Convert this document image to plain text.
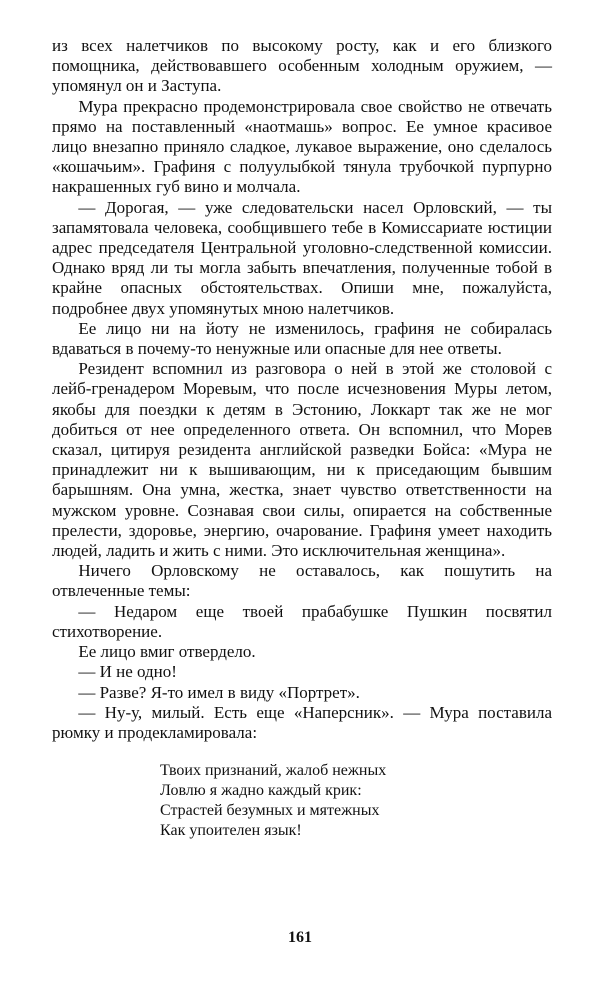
из всех налетчиков по высокому росту, как и его близкого помощника, действовавшего особенным холодным оружием, — упомянул он и Заступа.

Мура прекрасно продемонстрировала свое свойство не отвечать прямо на поставленный «наотмашь» вопрос. Ее умное красивое лицо внезапно приняло сладкое, лукавое выражение, оно сделалось «кошачьим». Графиня с полуулыбкой тянула трубочкой пурпурно накрашенных губ вино и молчала.

— Дорогая, — уже следовательски насел Орловский, — ты запамятовала человека, сообщившего тебе в Комиссариате юстиции адрес председателя Центральной уголовно-следственной комиссии. Однако вряд ли ты могла забыть впечатления, полученные тобой в крайне опасных обстоятельствах. Опиши мне, пожалуйста, подробнее двух упомянутых мною налетчиков.

Ее лицо ни на йоту не изменилось, графиня не собиралась вдаваться в почему-то ненужные или опасные для нее ответы.

Резидент вспомнил из разговора о ней в этой же столовой с лейб-гренадером Моревым, что после исчезновения Муры летом, якобы для поездки к детям в Эстонию, Локкарт так же не мог добиться от нее определенного ответа. Он вспомнил, что Морев сказал, цитируя резидента английской разведки Бойса: «Мура не принадлежит ни к вышивающим, ни к приседающим бывшим барышням. Она умна, жестка, знает чувство ответственности на мужском уровне. Сознавая свои силы, опирается на собственные прелести, здоровье, энергию, очарование. Графиня умеет находить людей, ладить и жить с ними. Это исключительная женщина».

Ничего Орловскому не оставалось, как пошутить на отвлеченные темы:

— Недаром еще твоей прабабушке Пушкин посвятил стихотворение.

Ее лицо вмиг отвердело.

— И не одно!

— Разве? Я-то имел в виду «Портрет».

— Ну-у, милый. Есть еще «Наперсник». — Мура поставила рюмку и продекламировала:

Твоих признаний, жалоб нежных
Ловлю я жадно каждый крик:
Страстей безумных и мятежных
Как упоителен язык!
161
